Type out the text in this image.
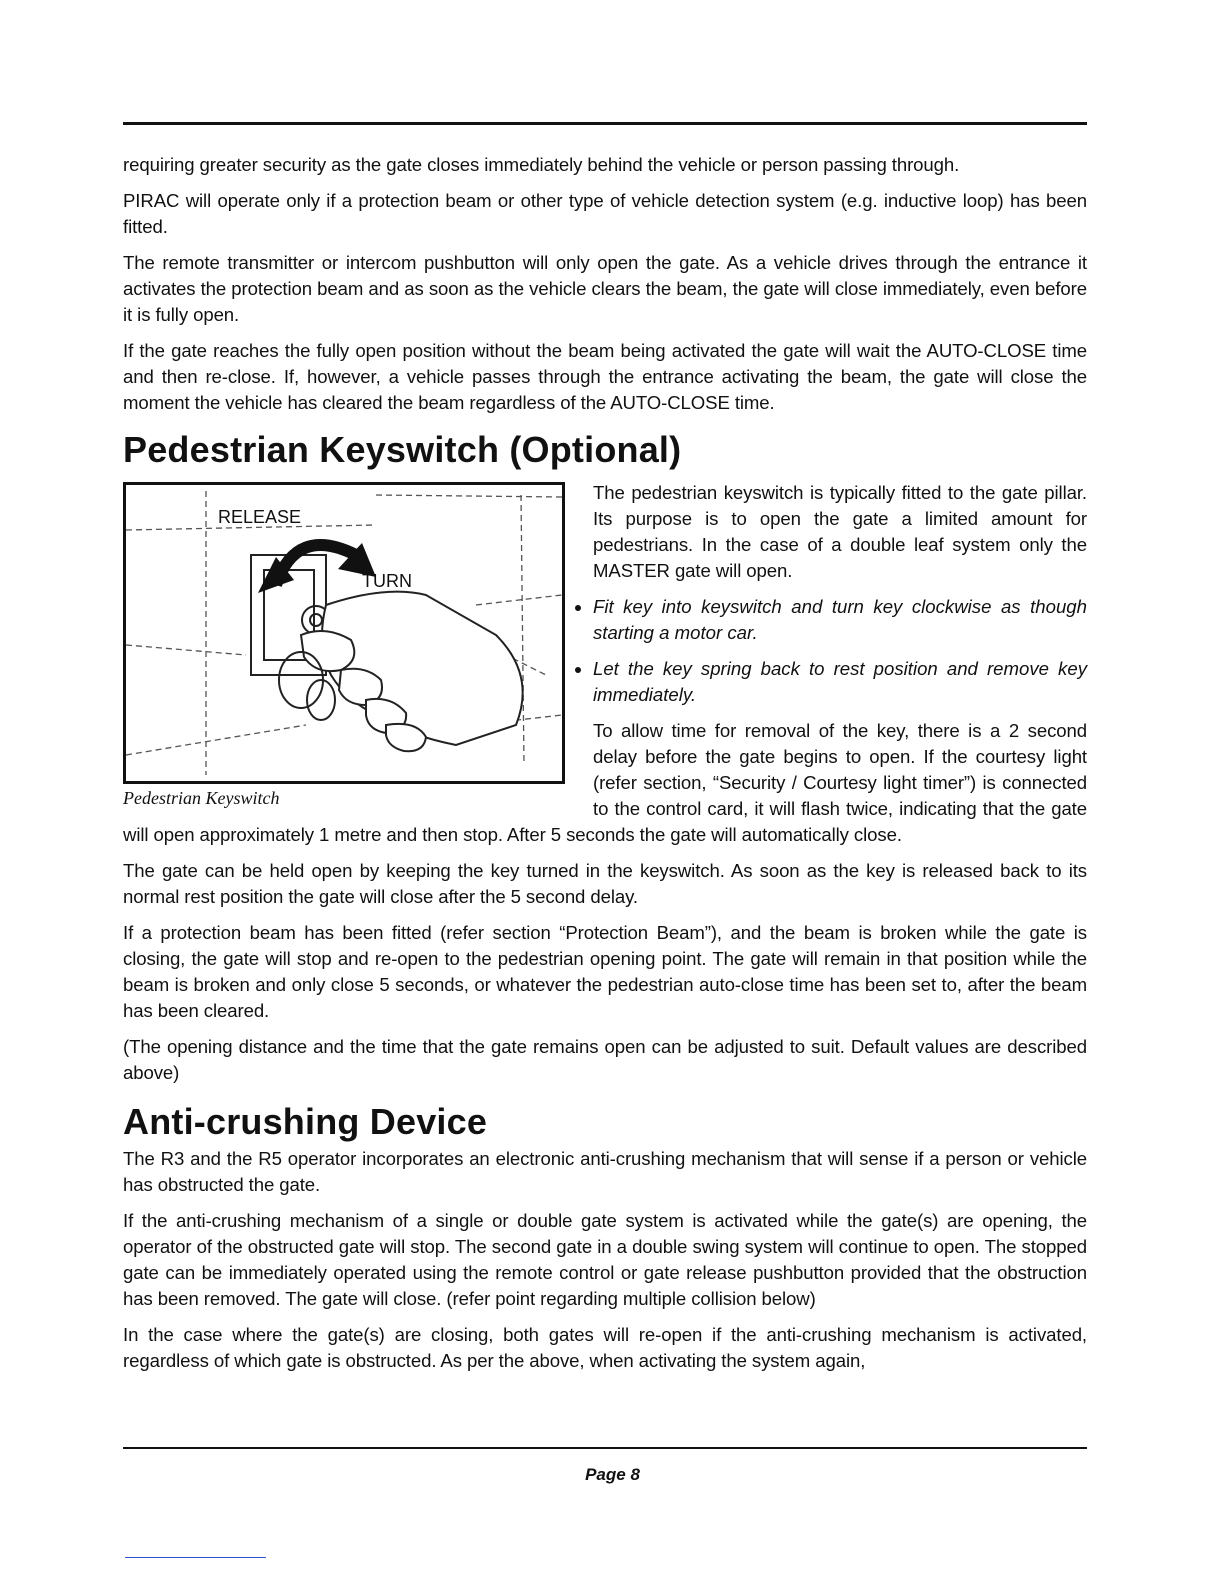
requiring greater security as the gate closes immediately behind the vehicle or person passing through.

PIRAC will operate only if a protection beam or other type of vehicle detection system (e.g. inductive loop) has been fitted.

The remote transmitter or intercom pushbutton will only open the gate. As a vehicle drives through the entrance it activates the protection beam and as soon as the vehicle clears the beam, the gate will close immediately, even before it is fully open.

If the gate reaches the fully open position without the beam being activated the gate will wait the AUTO-CLOSE time and then re-close. If, however, a vehicle passes through the entrance activating the beam, the gate will close the moment the vehicle has cleared the beam regardless of the AUTO-CLOSE time.

Pedestrian Keyswitch (Optional)
RELEASE
TURN
Pedestrian Keyswitch

The pedestrian keyswitch is typically fitted to the gate pillar. Its purpose is to open the gate a limited amount for pedestrians. In the case of a double leaf system only the MASTER gate will open.

• Fit key into keyswitch and turn key clockwise as though starting a motor car.
• Let the key spring back to rest position and remove key immediately.

To allow time for removal of the key, there is a 2 second delay before the gate begins to open. If the courtesy light (refer section, “Security / Courtesy light timer”) is connected to the control card, it will flash twice, indicating that the gate will open approximately 1 metre and then stop. After 5 seconds the gate will automatically close.

The gate can be held open by keeping the key turned in the keyswitch. As soon as the key is released back to its normal rest position the gate will close after the 5 second delay.

If a protection beam has been fitted (refer section “Protection Beam”), and the beam is broken while the gate is closing, the gate will stop and re-open to the pedestrian opening point. The gate will remain in that position while the beam is broken and only close 5 seconds, or whatever the pedestrian auto-close time has been set to, after the beam has been cleared.

(The opening distance and the time that the gate remains open can be adjusted to suit. Default values are described above)

Anti-crushing Device

The R3 and the R5 operator incorporates an electronic anti-crushing mechanism that will sense if a person or vehicle has obstructed the gate.

If the anti-crushing mechanism of a single or double gate system is activated while the gate(s) are opening, the operator of the obstructed gate will stop. The second gate in a double swing system will continue to open. The stopped gate can be immediately operated using the remote control or gate release pushbutton provided that the obstruction has been removed. The gate will close. (refer point regarding multiple collision below)

In the case where the gate(s) are closing, both gates will re-open if the anti-crushing mechanism is activated, regardless of which gate is obstructed. As per the above, when activating the system again,

Page 8
